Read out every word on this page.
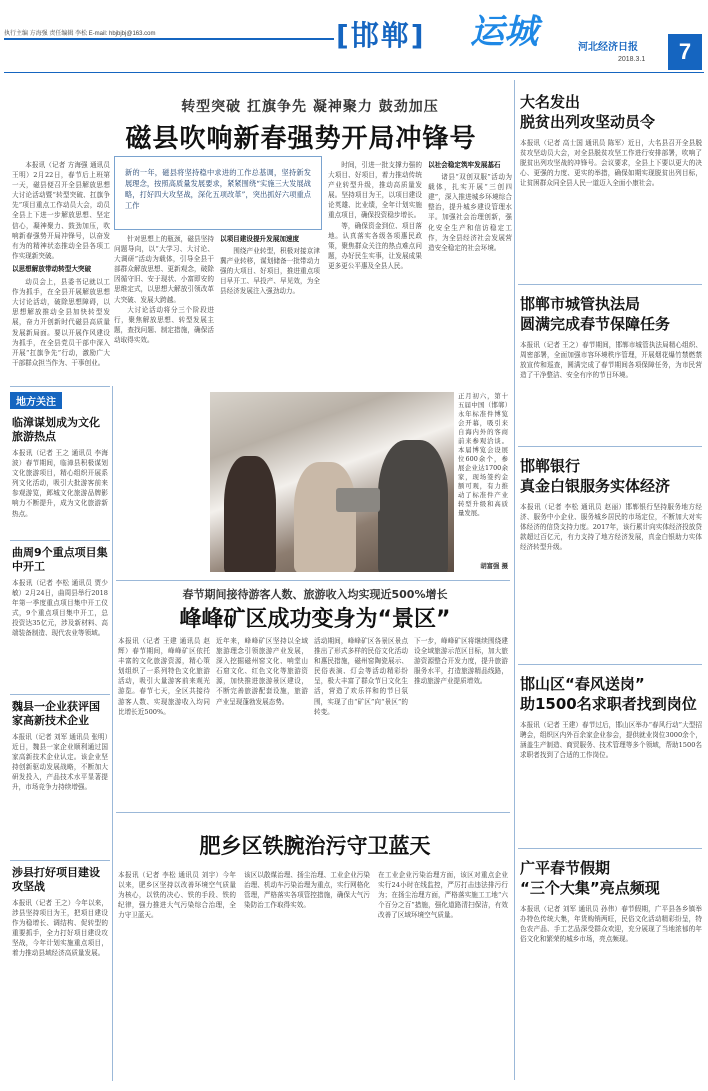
执行主编 方海强 责任编辑 李松 E-mail: hbjbjbj@163.com	[邯郸] 运城	河北经济日报
2018.3.1	7
转型突破 扛旗争先 凝神聚力 鼓劲加压
磁县吹响新春强势开局冲锋号

本报讯（记者 方海强 通讯员 王明）2月22日，春节后上班第一天，磁县便召开全县解放思想大讨论活动暨“转型突破、扛旗争先”项目重点工作动员大会，动员全县上下进一步解放思想、坚定信心，凝神聚力、鼓劲加压，吹响新春强势开局冲锋号，以奋发有为的精神状态推动全县各项工作实现新突破。

以思想解放带动转型大突破

动员会上，县委书记就以工作为抓手，在全县开展解放思想大讨论活动，破除思想障碍，以思想解放推动全县加快转型发展，奋力开创新时代磁县高质量发展新局面。要以开展作风建设为抓手，在全县党员干部中深入开展“扛旗争先”行动，激励广大干部群众担当作为、干事创业。

新的一年，磁县将坚持稳中求进的工作总基调，坚持新发展理念，按照高质量发展要求，紧紧围绕“实施三大发展战略，打好四大攻坚战，深化五项改革”，突出抓好六项重点工作

针对思想上的瓶颈，磁县坚持问题导向，以“大学习、大讨论、大调研”活动为载体，引导全县干部群众解放思想、更新观念，破除因循守旧、安于现状、小富即安的思维定式，以思想大解放引领改革大突破、发展大跨越。

大讨论活动将分三个阶段进行，聚焦解放思想、转型发展主题，查找问题、制定措施，确保活动取得实效。

以项目建设提升发展加速度

围绕产业转型，积极对接京津冀产业转移，谋划储备一批带动力强的大项目、好项目，推进重点项目早开工、早投产、早见效，为全县经济发展注入强劲动力。

时间，引进一批支撑力强的大项目、好项目，着力推动传统产业转型升级，推动高质量发展。坚持项目为王，以项目建设论英雄、比业绩，全年计划实施重点项目，确保投资稳步增长。

等，确保资金到位、项目落地。认真落实各级各项惠民政策，聚焦群众关注的热点难点问题，办好民生实事，让发展成果更多更公平惠及全县人民。

以社会稳定筑牢发展基石

诸县“双创双服”活动为载体，扎实开展“三创四建”，深入推进城乡环境综合整治，提升城乡建设管理水平。加强社会治理创新，强化安全生产和信访稳定工作，为全县经济社会发展营造安全稳定的社会环境。

地方关注
临漳谋划成为文化旅游热点
本报讯（记者 王之 通讯员 李海波）春节期间，临漳县积极谋划文化旅游项目，精心组织开展系列文化活动，吸引大批游客前来参观游览，邺城文化旅游品牌影响力不断提升，成为文化旅游新热点。
曲周9个重点项目集中开工
本报讯（记者 李松 通讯员 贾少敏）2月24日，曲周县举行2018年第一季度重点项目集中开工仪式，9个重点项目集中开工，总投资达35亿元，涉及新材料、高端装备制造、现代农业等领域。
魏县一企业获评国家高新技术企业
本报讯（记者 刘军 通讯员 张明）近日，魏县一家企业顺利通过国家高新技术企业认定。该企业坚持创新驱动发展战略，不断加大研发投入，产品技术水平显著提升，市场竞争力持续增强。
涉县打好项目建设攻坚战
本报讯（记者 王之）今年以来，涉县坚持项目为王，把项目建设作为稳增长、调结构、促转型的重要抓手，全力打好项目建设攻坚战，今年计划实施重点项目，着力推动县域经济高质量发展。
正月初六，第十五届中国（邯郸）永年标准件博览会开幕，吸引来自海内外的客商前来参观洽谈。本届博览会设展位600余个，参展企业达1700余家，现场签约金额可观，有力推动了标准件产业转型升级和高质量发展。
胡富强 摄
春节期间接待游客人数、旅游收入均实现近500%增长
峰峰矿区成功变身为“景区”
本报讯（记者 王建 通讯员 赵辉）春节期间，峰峰矿区依托丰富的文化旅游资源，精心策划组织了一系列特色文化旅游活动，吸引大量游客前来观光游览。春节七天，全区共接待游客人数、实现旅游收入均同比增长近500%。
近年来，峰峰矿区坚持以全域旅游理念引领旅游产业发展，深入挖掘磁州窑文化、响堂山石窟文化、红色文化等旅游资源，加快推进旅游景区建设，不断完善旅游配套设施，旅游产业呈现蓬勃发展态势。
活动期间，峰峰矿区各景区景点推出了形式多样的民俗文化活动和惠民措施，磁州窑陶瓷展示、民俗表演、灯会等活动精彩纷呈，极大丰富了群众节日文化生活，营造了欢乐祥和的节日氛围，实现了由“矿区”向“景区”的转变。
下一步，峰峰矿区将继续围绕建设全域旅游示范区目标，加大旅游资源整合开发力度，提升旅游服务水平，打造旅游精品线路，推动旅游产业提质增效。
肥乡区铁腕治污守卫蓝天
本报讯（记者 李松 通讯员 刘宇）今年以来，肥乡区坚持以改善环境空气质量为核心，以铁的决心、铁的手段、铁的纪律，强力推进大气污染综合治理，全力守卫蓝天。
该区以散煤治理、扬尘治理、工业企业污染治理、机动车污染治理为重点，实行网格化管理，严格落实各项管控措施，确保大气污染防治工作取得实效。
在工业企业污染治理方面，该区对重点企业实行24小时在线监控，严厉打击违法排污行为；在扬尘治理方面，严格落实施工工地“六个百分之百”措施，强化道路清扫保洁，有效改善了区域环境空气质量。
大名发出
脱贫出列攻坚动员令
本报讯（记者 高士国 通讯员 陈军）近日，大名县召开全县脱贫攻坚动员大会，对全县脱贫攻坚工作进行安排部署，吹响了脱贫出列攻坚战的冲锋号。会议要求，全县上下要以更大的决心、更强的力度、更实的举措，确保如期实现脱贫出列目标，让贫困群众同全县人民一道迈入全面小康社会。
邯郸市城管执法局
圆满完成春节保障任务
本报讯（记者 王之）春节期间，邯郸市城管执法局精心组织、周密部署，全面加强市容环境秩序管理，开展烟花爆竹禁燃禁放宣传和巡查，圆满完成了春节期间各项保障任务，为市民营造了干净整洁、安全有序的节日环境。
邯郸银行
真金白银服务实体经济
本报讯（记者 李松 通讯员 赵丽）邯郸银行坚持服务地方经济、服务中小企业、服务城乡居民的市场定位，不断加大对实体经济的信贷支持力度。2017年，该行累计向实体经济投放贷款超过百亿元，有力支持了地方经济发展，真金白银助力实体经济转型升级。
邯山区“春风送岗”
助1500名求职者找到岗位
本报讯（记者 王建）春节过后，邯山区举办“春风行动”大型招聘会，组织区内外百余家企业参会，提供就业岗位3000余个，涵盖生产制造、商贸服务、技术管理等多个领域，帮助1500名求职者找到了合适的工作岗位。
广平春节假期
“三个大集”亮点频现
本报讯（记者 刘军 通讯员 孙伟）春节假期，广平县各乡镇举办特色传统大集，年货购销两旺，民俗文化活动精彩纷呈，特色农产品、手工艺品深受群众欢迎，充分展现了当地浓郁的年俗文化和繁荣的城乡市场，亮点频现。
